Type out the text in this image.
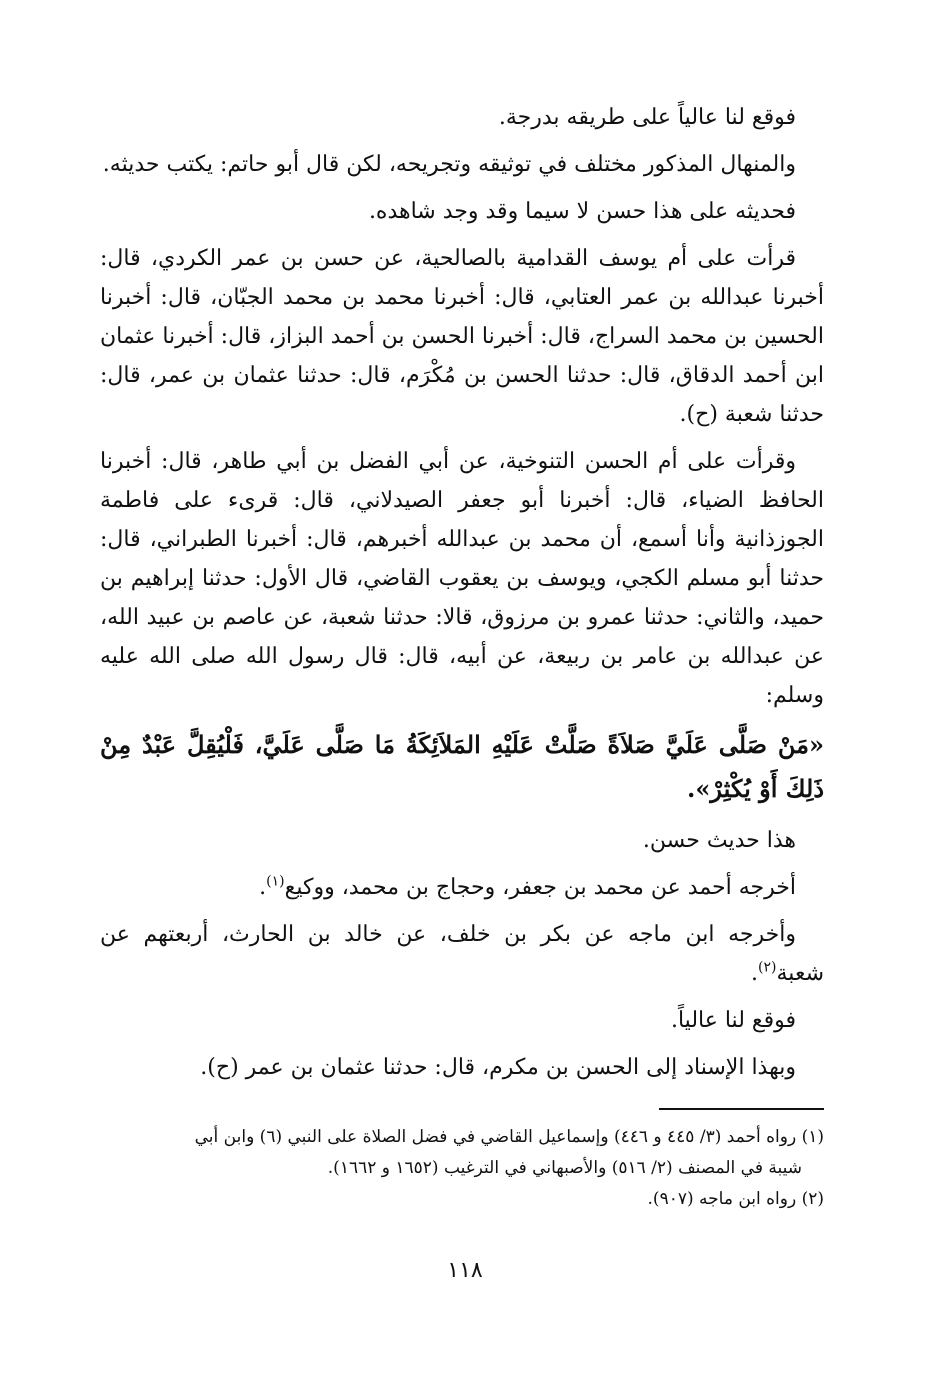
فوقع لنا عالياً على طريقه بدرجة.

والمنهال المذكور مختلف في توثيقه وتجريحه، لكن قال أبو حاتم: يكتب حديثه.

فحديثه على هذا حسن لا سيما وقد وجد شاهده.

قرأت على أم يوسف القدامية بالصالحية، عن حسن بن عمر الكردي، قال: أخبرنا عبدالله بن عمر العتابي، قال: أخبرنا محمد بن محمد الجبّان، قال: أخبرنا الحسين بن محمد السراج، قال: أخبرنا الحسن بن أحمد البزاز، قال: أخبرنا عثمان ابن أحمد الدقاق، قال: حدثنا الحسن بن مُكْرَم، قال: حدثنا عثمان بن عمر، قال: حدثنا شعبة (ح).

وقرأت على أم الحسن التنوخية، عن أبي الفضل بن أبي طاهر، قال: أخبرنا الحافظ الضياء، قال: أخبرنا أبو جعفر الصيدلاني، قال: قرىء على فاطمة الجوزذانية وأنا أسمع، أن محمد بن عبدالله أخبرهم، قال: أخبرنا الطبراني، قال: حدثنا أبو مسلم الكجي، ويوسف بن يعقوب القاضي، قال الأول: حدثنا إبراهيم بن حميد، والثاني: حدثنا عمرو بن مرزوق، قالا: حدثنا شعبة، عن عاصم بن عبيد الله، عن عبدالله بن عامر بن ربيعة، عن أبيه، قال: قال رسول الله صلى الله عليه وسلم:

«مَنْ صَلَّى عَلَيَّ صَلاَةً صَلَّتْ عَلَيْهِ المَلاَئِكَةُ مَا صَلَّى عَلَيَّ، فَلْيُقِلَّ عَبْدٌ مِنْ ذَلِكَ أَوْ يُكْثِرْ».

هذا حديث حسن.

أخرجه أحمد عن محمد بن جعفر، وحجاج بن محمد، ووكيع$^{(١)}$.

وأخرجه ابن ماجه عن بكر بن خلف، عن خالد بن الحارث، أربعتهم عن شعبة$^{(٢)}$.

فوقع لنا عالياً.

وبهذا الإسناد إلى الحسن بن مكرم، قال: حدثنا عثمان بن عمر (ح).

(١) رواه أحمد (٣/ ٤٤٥ و ٤٤٦) وإسماعيل القاضي في فضل الصلاة على النبي (٦) وابن أبي
شيبة في المصنف (٢/ ٥١٦) والأصبهاني في الترغيب (١٦٥٢ و ١٦٦٢).

(٢) رواه ابن ماجه (٩٠٧).

١١٨
